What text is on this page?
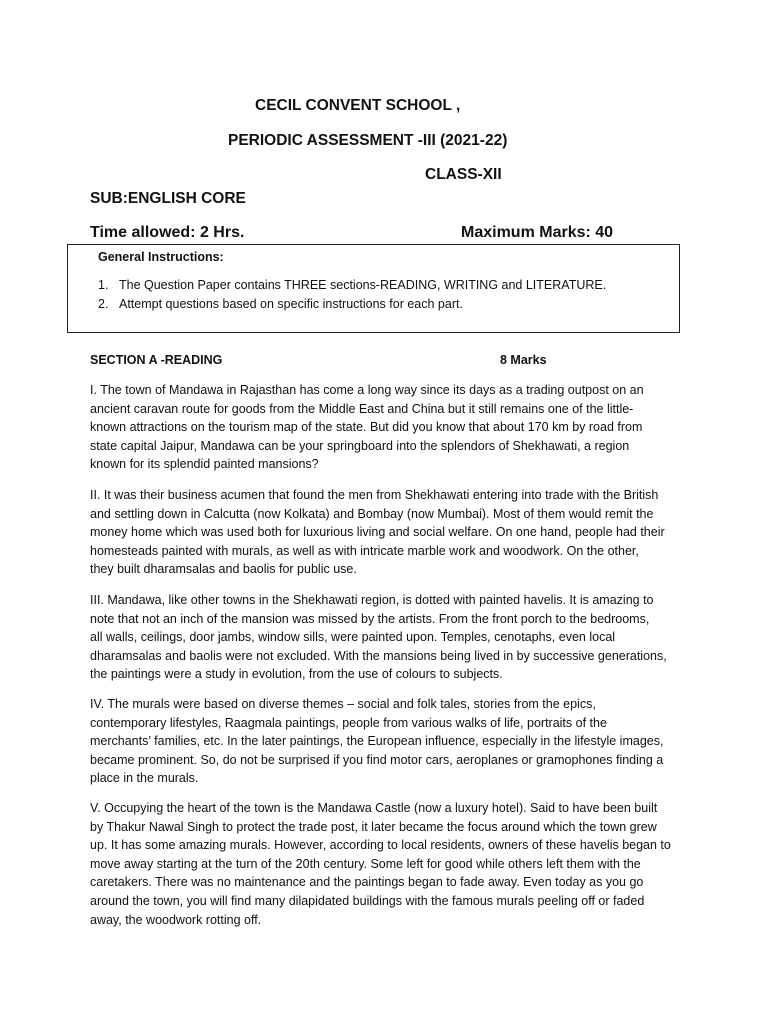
CECIL CONVENT SCHOOL ,
PERIODIC ASSESSMENT -III (2021-22)
CLASS-XII
SUB:ENGLISH CORE
Time allowed: 2 Hrs.	Maximum Marks: 40
General Instructions:
1. The Question Paper contains THREE sections-READING, WRITING and LITERATURE.
2. Attempt questions based on specific instructions for each part.
SECTION A -READING	8 Marks
I. The town of Mandawa in Rajasthan has come a long way since its days as a trading outpost on an
ancient caravan route for goods from the Middle East and China but it still remains one of the little-
known attractions on the tourism map of the state. But did you know that about 170 km by road from
state capital Jaipur, Mandawa can be your springboard into the splendors of Shekhawati, a region
known for its splendid painted mansions?
II. It was their business acumen that found the men from Shekhawati entering into trade with the British
and settling down in Calcutta (now Kolkata) and Bombay (now Mumbai). Most of them would remit the
money home which was used both for luxurious living and social welfare. On one hand, people had their
homesteads painted with murals, as well as with intricate marble work and woodwork. On the other,
they built dharamsalas and baolis for public use.
III. Mandawa, like other towns in the Shekhawati region, is dotted with painted havelis. It is amazing to
note that not an inch of the mansion was missed by the artists. From the front porch to the bedrooms,
all walls, ceilings, door jambs, window sills, were painted upon. Temples, cenotaphs, even local
dharamsalas and baolis were not excluded. With the mansions being lived in by successive generations,
the paintings were a study in evolution, from the use of colours to subjects.
IV. The murals were based on diverse themes – social and folk tales, stories from the epics,
contemporary lifestyles, Raagmala paintings, people from various walks of life, portraits of the
merchants’ families, etc. In the later paintings, the European influence, especially in the lifestyle images,
became prominent. So, do not be surprised if you find motor cars, aeroplanes or gramophones finding a
place in the murals.
V. Occupying the heart of the town is the Mandawa Castle (now a luxury hotel). Said to have been built
by Thakur Nawal Singh to protect the trade post, it later became the focus around which the town grew
up. It has some amazing murals. However, according to local residents, owners of these havelis began to
move away starting at the turn of the 20th century. Some left for good while others left them with the
caretakers. There was no maintenance and the paintings began to fade away. Even today as you go
around the town, you will find many dilapidated buildings with the famous murals peeling off or faded
away, the woodwork rotting off.
